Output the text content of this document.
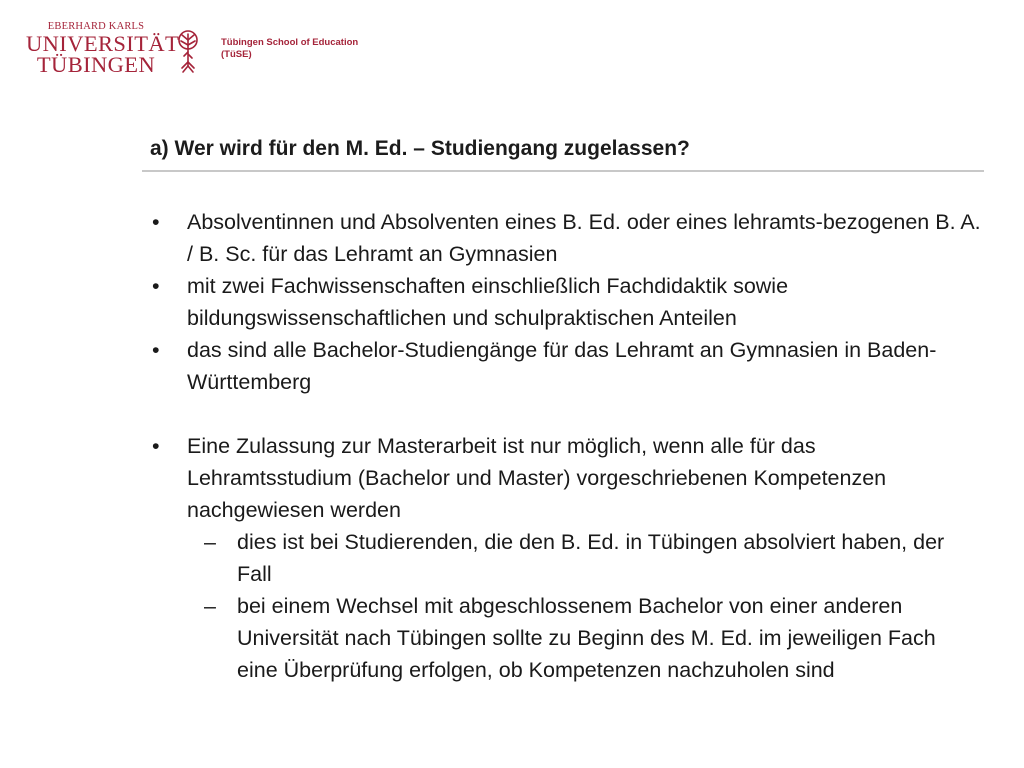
EBERHARD KARLS
UNIVERSITÄT
TÜBINGEN
Tübingen School of Education
(TüSE)
a) Wer wird für den M. Ed. – Studiengang zugelassen?
•	Absolventinnen und Absolventen eines B. Ed. oder eines lehramts-bezogenen B. A. / B. Sc. für das Lehramt an Gymnasien
•	mit zwei Fachwissenschaften einschließlich Fachdidaktik sowie bildungswissenschaftlichen und schulpraktischen Anteilen
•	das sind alle Bachelor-Studiengänge für das Lehramt an Gymnasien in Baden-Württemberg
•	Eine Zulassung zur Masterarbeit ist nur möglich, wenn alle für das Lehramtsstudium (Bachelor und Master) vorgeschriebenen Kompetenzen nachgewiesen werden
– dies ist bei Studierenden, die den B. Ed. in Tübingen absolviert haben, der Fall
– bei einem Wechsel mit abgeschlossenem Bachelor von einer anderen Universität nach Tübingen sollte zu Beginn des M. Ed. im jeweiligen Fach eine Überprüfung erfolgen, ob Kompetenzen nachzuholen sind
